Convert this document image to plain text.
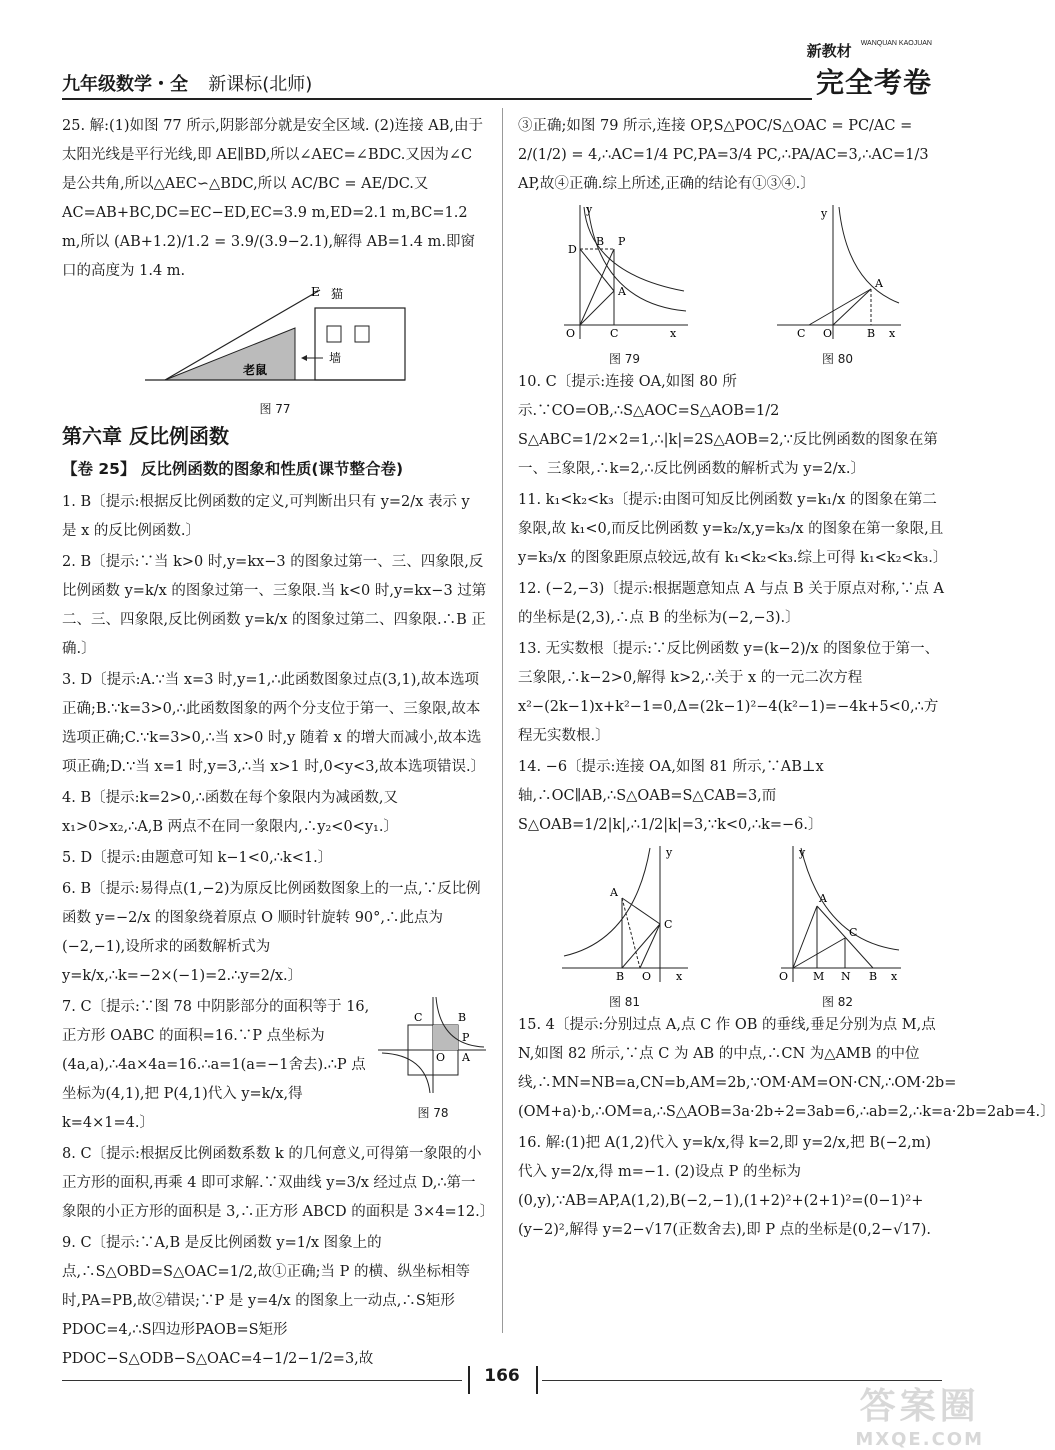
九年级数学・全 新课标(北师)
新教材 WANQUAN KAOJUAN
完全考卷

25. 解:(1)如图 77 所示,阴影部分就是安全区域. (2)连接 AB,由于太阳光线是平行光线,即 AE∥BD,所以∠AEC=∠BDC.又因为∠C 是公共角,所以△AEC∽△BDC,所以 AC/BC = AE/DC.又 AC=AB+BC,DC=EC−ED,EC=3.9 m,ED=2.1 m,BC=1.2 m,所以 (AB+1.2)/1.2 = 3.9/(3.9−2.1),解得 AB=1.4 m.即窗口的高度为 1.4 m.

E 猫
墙
老鼠
图 77
第六章 反比例函数
【卷 25】 反比例函数的图象和性质(课节整合卷)

1. B〔提示:根据反比例函数的定义,可判断出只有 y=2/x 表示 y 是 x 的反比例函数.〕

2. B〔提示:∵当 k>0 时,y=kx−3 的图象过第一、三、四象限,反比例函数 y=k/x 的图象过第一、三象限.当 k<0 时,y=kx−3 过第二、三、四象限,反比例函数 y=k/x 的图象过第二、四象限.∴B 正确.〕

3. D〔提示:A.∵当 x=3 时,y=1,∴此函数图象过点(3,1),故本选项正确;B.∵k=3>0,∴此函数图象的两个分支位于第一、三象限,故本选项正确;C.∵k=3>0,∴当 x>0 时,y 随着 x 的增大而减小,故本选项正确;D.∵当 x=1 时,y=3,∴当 x>1 时,0<y<3,故本选项错误.〕

4. B〔提示:k=2>0,∴函数在每个象限内为减函数,又 x₁>0>x₂,∴A,B 两点不在同一象限内,∴y₂<0<y₁.〕

5. D〔提示:由题意可知 k−1<0,∴k<1.〕

6. B〔提示:易得点(1,−2)为原反比例函数图象上的一点,∵反比例函数 y=−2/x 的图象绕着原点 O 顺时针旋转 90°,∴此点为(−2,−1),设所求的函数解析式为 y=k/x,∴k=−2×(−1)=2.∴y=2/x.〕

C	B
P
O A
图 78

7. C〔提示:∵图 78 中阴影部分的面积等于 16,正方形 OABC 的面积=16.∵P 点坐标为(4a,a),∴4a×4a=16.∴a=1(a=−1舍去).∴P 点坐标为(4,1),把 P(4,1)代入 y=k/x,得 k=4×1=4.〕

8. C〔提示:根据反比例函数系数 k 的几何意义,可得第一象限的小正方形的面积,再乘 4 即可求解.∵双曲线 y=3/x 经过点 D,∴第一象限的小正方形的面积是 3,∴正方形 ABCD 的面积是 3×4=12.〕

9. C〔提示:∵A,B 是反比例函数 y=1/x 图象上的点,∴S△OBD=S△OAC=1/2,故①正确;当 P 的横、纵坐标相等时,PA=PB,故②错误;∵P 是 y=4/x 的图象上一动点,∴S矩形PDOC=4,∴S四边形PAOB=S矩形PDOC−S△ODB−S△OAC=4−1/2−1/2=3,故

③正确;如图 79 所示,连接 OP,S△POC/S△OAC = PC/AC = 2/(1/2) = 4,∴AC=1/4 PC,PA=3/4 PC,∴PA/AC=3,∴AC=1/3 AP,故④正确.综上所述,正确的结论有①③④.〕

D
B P
A
C
O	x
y
图 79
A
C O	B x
y
图 80

10. C〔提示:连接 OA,如图 80 所示.∵CO=OB,∴S△AOC=S△AOB=1/2 S△ABC=1/2×2=1,∴|k|=2S△AOB=2,∵反比例函数的图象在第一、三象限,∴k=2,∴反比例函数的解析式为 y=2/x.〕

11. k₁<k₂<k₃〔提示:由图可知反比例函数 y=k₁/x 的图象在第二象限,故 k₁<0,而反比例函数 y=k₂/x,y=k₃/x 的图象在第一象限,且 y=k₃/x 的图象距原点较远,故有 k₁<k₂<k₃.综上可得 k₁<k₂<k₃.〕

12. (−2,−3)〔提示:根据题意知点 A 与点 B 关于原点对称,∵点 A 的坐标是(2,3),∴点 B 的坐标为(−2,−3).〕

13. 无实数根〔提示:∵反比例函数 y=(k−2)/x 的图象位于第一、三象限,∴k−2>0,解得 k>2,∴关于 x 的一元二次方程 x²−(2k−1)x+k²−1=0,Δ=(2k−1)²−4(k²−1)=−4k+5<0,∴方程无实数根.〕

14. −6〔提示:连接 OA,如图 81 所示,∵AB⊥x 轴,∴OC∥AB,∴S△OAB=S△CAB=3,而 S△OAB=1/2|k|,∴1/2|k|=3,∵k<0,∴k=−6.〕

A
C
B O x
y
图 81
A
C
O M N B x
y
图 82

15. 4〔提示:分别过点 A,点 C 作 OB 的垂线,垂足分别为点 M,点 N,如图 82 所示,∵点 C 为 AB 的中点,∴CN 为△AMB 的中位线,∴MN=NB=a,CN=b,AM=2b,∵OM·AM=ON·CN,∴OM·2b=(OM+a)·b,∴OM=a,∴S△AOB=3a·2b÷2=3ab=6,∴ab=2,∴k=a·2b=2ab=4.〕

16. 解:(1)把 A(1,2)代入 y=k/x,得 k=2,即 y=2/x,把 B(−2,m)代入 y=2/x,得 m=−1. (2)设点 P 的坐标为(0,y),∵AB=AP,A(1,2),B(−2,−1),(1+2)²+(2+1)²=(0−1)²+(y−2)²,解得 y=2−√17(正数舍去),即 P 点的坐标是(0,2−√17).

166
答案圈
MXQE.COM
